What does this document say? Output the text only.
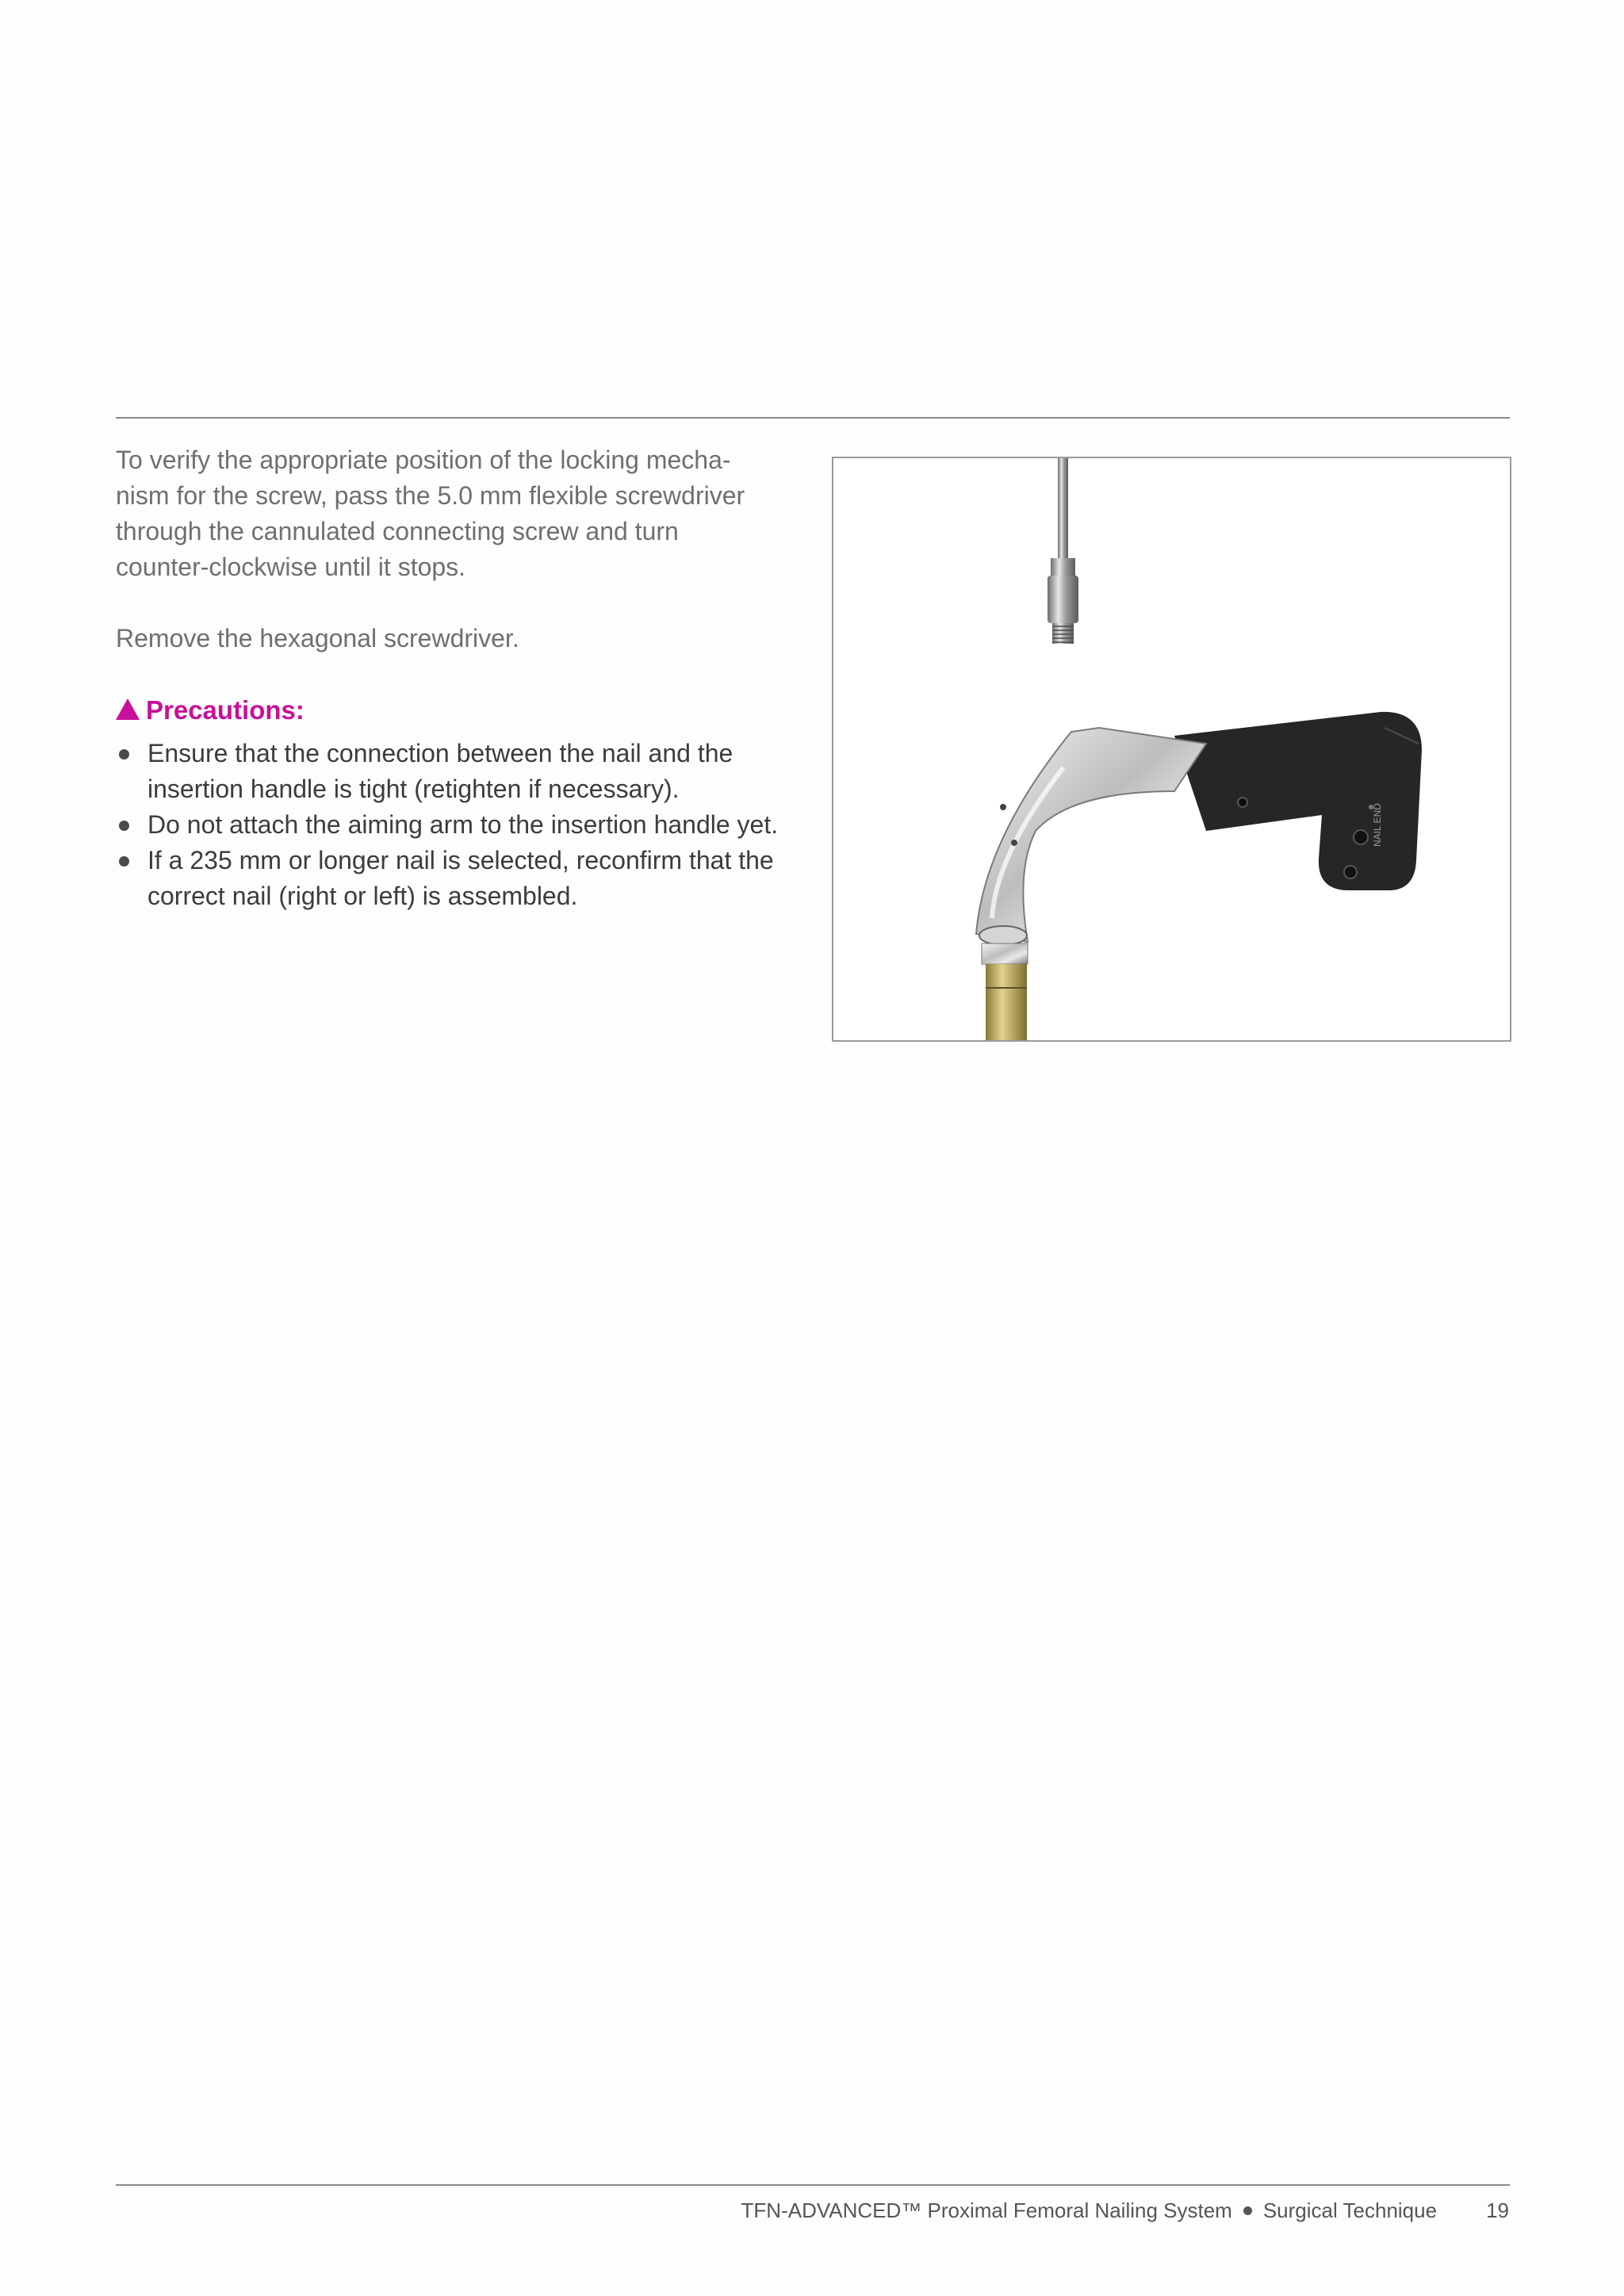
To verify the appropriate position of the locking mecha-
nism for the screw, pass the 5.0 mm flexible screwdriver
through the cannulated connecting screw and turn
counter-clockwise until it stops.

Remove the hexagonal screwdriver.

Precautions:
Ensure that the connection between the nail and the insertion handle is tight (retighten if necessary).
Do not attach the aiming arm to the insertion handle yet.
If a 235 mm or longer nail is selected, reconfirm that the correct nail (right or left) is assembled.
NAIL END
TFN-ADVANCED™ Proximal Femoral Nailing System Surgical Technique 19
